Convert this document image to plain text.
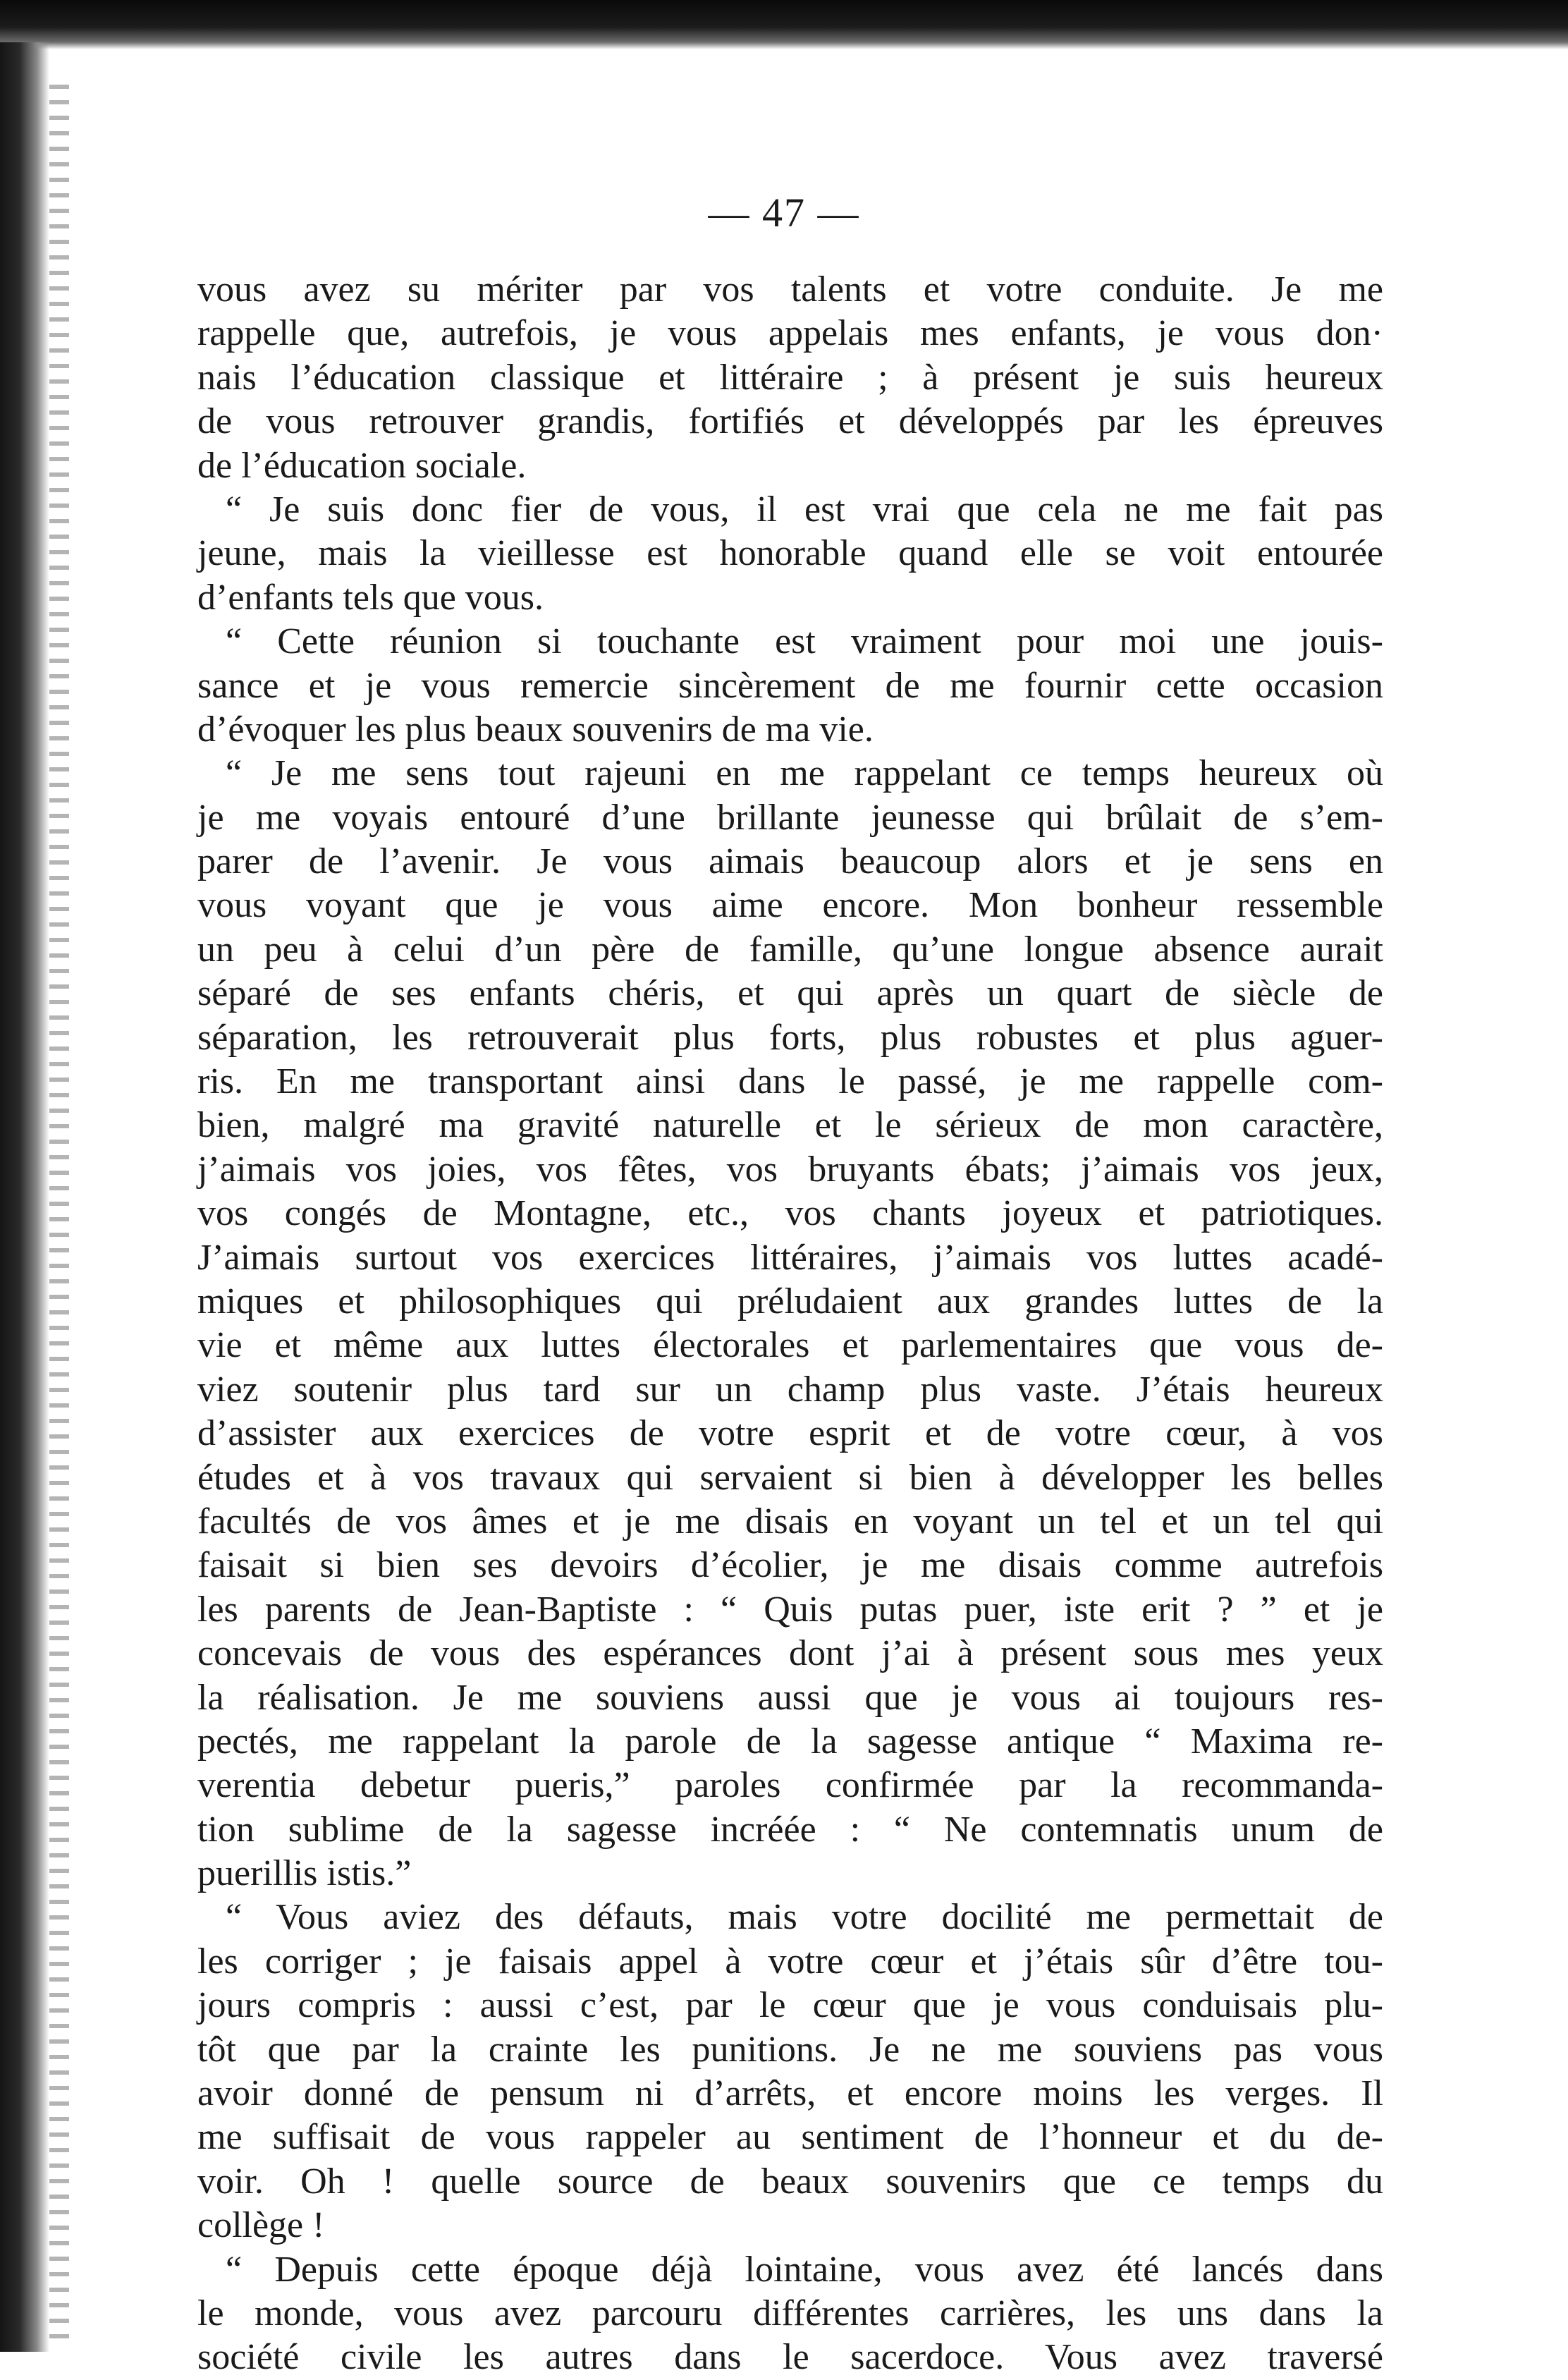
— 47 —
vous avez su mériter par vos talents et votre conduite. Je me
rappelle que, autrefois, je vous appelais mes enfants, je vous don·
nais l’éducation classique et littéraire ; à présent je suis heureux
de vous retrouver grandis, fortifiés et développés par les épreuves
de l’éducation sociale.
“ Je suis donc fier de vous, il est vrai que cela ne me fait pas
jeune, mais la vieillesse est honorable quand elle se voit entourée
d’enfants tels que vous.
“ Cette réunion si touchante est vraiment pour moi une jouis-
sance et je vous remercie sincèrement de me fournir cette occasion
d’évoquer les plus beaux souvenirs de ma vie.
“ Je me sens tout rajeuni en me rappelant ce temps heureux où
je me voyais entouré d’une brillante jeunesse qui brûlait de s’em-
parer de l’avenir. Je vous aimais beaucoup alors et je sens en
vous voyant que je vous aime encore. Mon bonheur ressemble
un peu à celui d’un père de famille, qu’une longue absence aurait
séparé de ses enfants chéris, et qui après un quart de siècle de
séparation, les retrouverait plus forts, plus robustes et plus aguer-
ris. En me transportant ainsi dans le passé, je me rappelle com-
bien, malgré ma gravité naturelle et le sérieux de mon caractère,
j’aimais vos joies, vos fêtes, vos bruyants ébats; j’aimais vos jeux,
vos congés de Montagne, etc., vos chants joyeux et patriotiques.
J’aimais surtout vos exercices littéraires, j’aimais vos luttes acadé-
miques et philosophiques qui préludaient aux grandes luttes de la
vie et même aux luttes électorales et parlementaires que vous de-
viez soutenir plus tard sur un champ plus vaste. J’étais heureux
d’assister aux exercices de votre esprit et de votre cœur, à vos
études et à vos travaux qui servaient si bien à développer les belles
facultés de vos âmes et je me disais en voyant un tel et un tel qui
faisait si bien ses devoirs d’écolier, je me disais comme autrefois
les parents de Jean-Baptiste : “ Quis putas puer, iste erit ? ” et je
concevais de vous des espérances dont j’ai à présent sous mes yeux
la réalisation. Je me souviens aussi que je vous ai toujours res-
pectés, me rappelant la parole de la sagesse antique “ Maxima re-
verentia debetur pueris,” paroles confirmée par la recommanda-
tion sublime de la sagesse incréée : “ Ne contemnatis unum de
puerillis istis.”
“ Vous aviez des défauts, mais votre docilité me permettait de
les corriger ; je faisais appel à votre cœur et j’étais sûr d’être tou-
jours compris : aussi c’est, par le cœur que je vous conduisais plu-
tôt que par la crainte les punitions. Je ne me souviens pas vous
avoir donné de pensum ni d’arrêts, et encore moins les verges. Il
me suffisait de vous rappeler au sentiment de l’honneur et du de-
voir. Oh ! quelle source de beaux souvenirs que ce temps du
collège !
“ Depuis cette époque déjà lointaine, vous avez été lancés dans
le monde, vous avez parcouru différentes carrières, les uns dans la
société civile les autres dans le sacerdoce. Vous avez traversé
